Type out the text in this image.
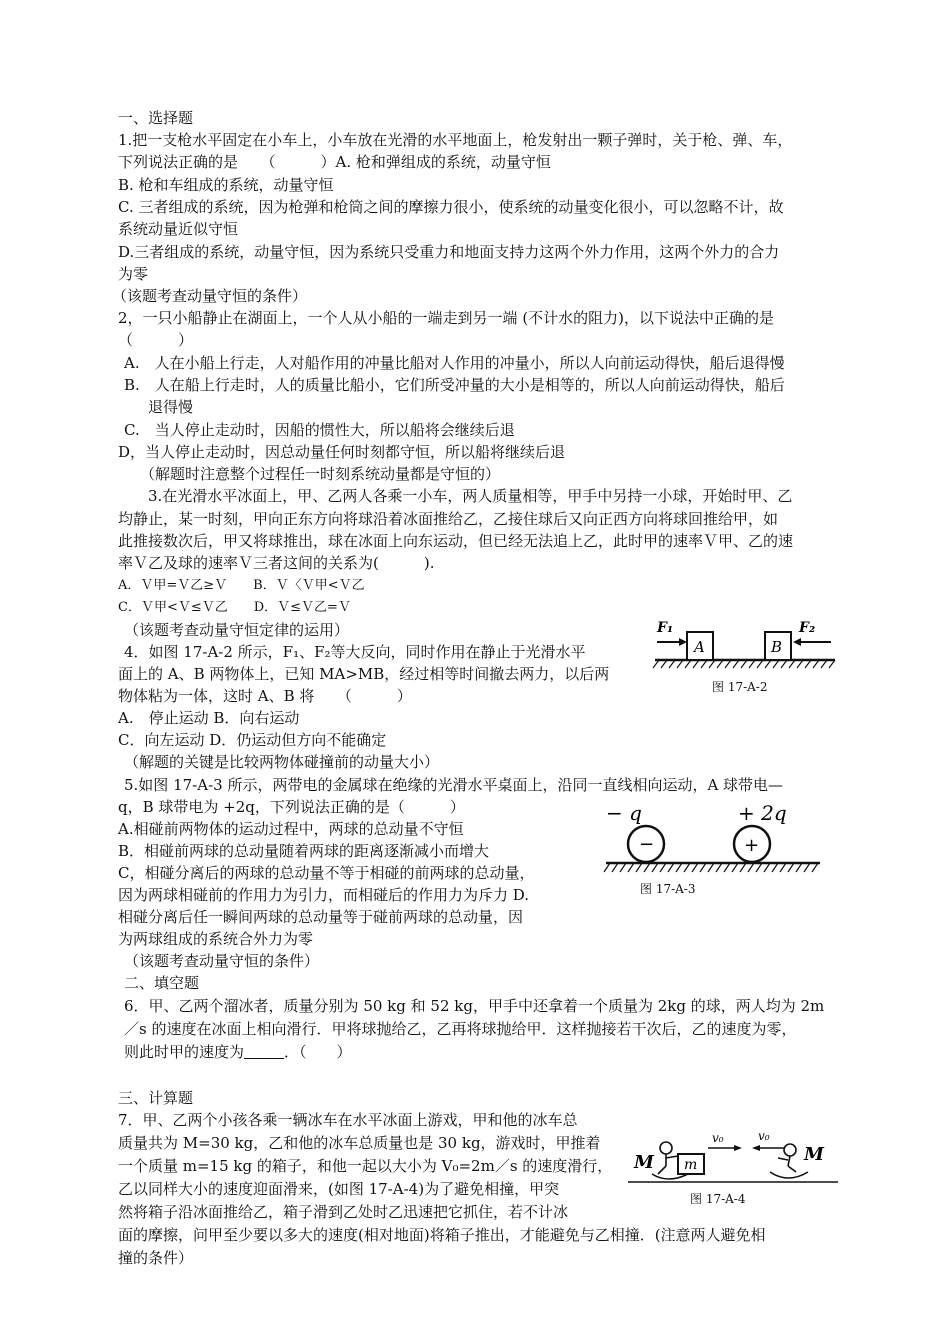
一、选择题
1.把一支枪水平固定在小车上，小车放在光滑的水平地面上，枪发射出一颗子弹时，关于枪、弹、车，
下列说法正确的是　　（　　　）A. 枪和弹组成的系统，动量守恒
B. 枪和车组成的系统，动量守恒
C. 三者组成的系统，因为枪弹和枪筒之间的摩擦力很小，使系统的动量变化很小，可以忽略不计，故
系统动量近似守恒
D.三者组成的系统，动量守恒，因为系统只受重力和地面支持力这两个外力作用，这两个外力的合力
为零
（该题考查动量守恒的条件）
2，一只小船静止在湖面上，一个人从小船的一端走到另一端 (不计水的阻力)，以下说法中正确的是
（　　　）
A.　人在小船上行走，人对船作用的冲量比船对人作用的冲量小，所以人向前运动得快，船后退得慢
B.　人在船上行走时，人的质量比船小，它们所受冲量的大小是相等的，所以人向前运动得快，船后
退得慢
C.　当人停止走动时，因船的惯性大，所以船将会继续后退
D，当人停止走动时，因总动量任何时刻都守恒，所以船将继续后退
（解题时注意整个过程任一时刻系统动量都是守恒的）
3.在光滑水平冰面上，甲、乙两人各乘一小车，两人质量相等，甲手中另持一小球，开始时甲、乙
均静止，某一时刻，甲向正东方向将球沿着冰面推给乙，乙接住球后又向正西方向将球回推给甲，如
此推接数次后，甲又将球推出，球在冰面上向东运动，但已经无法追上乙，此时甲的速率Ｖ甲、乙的速
率Ｖ乙及球的速率Ｖ三者这间的关系为(　　　).
A．Ｖ甲=Ｖ乙≥Ｖ　　B．Ｖ〈Ｖ甲<Ｖ乙
C．Ｖ甲<Ｖ≤Ｖ乙　　D．Ｖ≤Ｖ乙=Ｖ
（该题考查动量守恒定律的运用）
4．如图 17-A-2 所示，F₁、F₂等大反向，同时作用在静止于光滑水平
面上的 A、B 两物体上，已知 MA>MB，经过相等时间撤去两力，以后两
物体粘为一体，这时 A、B 将　　（　　　）
A.　停止运动 B．向右运动
C．向左运动 D．仍运动但方向不能确定
（解题的关键是比较两物体碰撞前的动量大小）
A	B
F₁	F₂
图 17-A-2
5.如图 17-A-3 所示，两带电的金属球在绝缘的光滑水平桌面上，沿同一直线相向运动，A 球带电—
q，B 球带电为 +2q，下列说法正确的是（　　　）
A.相碰前两物体的运动过程中，两球的总动量不守恒
B．相碰前两球的总动量随着两球的距离逐渐减小而增大
C，相碰分离后的两球的总动量不等于相碰的前两球的总动量，
因为两球相碰前的作用力为引力，而相碰后的作用力为斥力 D.
相碰分离后任一瞬间两球的总动量等于碰前两球的总动量，因
为两球组成的系统合外力为零
（该题考查动量守恒的条件）
− q	+ 2q
−	+
图 17-A-3
二、填空题
6．甲、乙两个溜冰者，质量分别为 50 kg 和 52 kg，甲手中还拿着一个质量为 2kg 的球，两人均为 2m
／s 的速度在冰面上相向滑行．甲将球抛给乙，乙再将球抛给甲．这样抛接若干次后，乙的速度为零，
则此时甲的速度为	．（　　）
三、计算题
7．甲、乙两个小孩各乘一辆冰车在水平冰面上游戏，甲和他的冰车总
质量共为 M=30 kg，乙和他的冰车总质量也是 30 kg，游戏时，甲推着
一个质量 m=15 kg 的箱子，和他一起以大小为 V₀=2m／s 的速度滑行，
乙以同样大小的速度迎面滑来，(如图 17-A-4)为了避免相撞，甲突
然将箱子沿冰面推给乙，箱子滑到乙处时乙迅速把它抓住，若不计冰
面的摩擦，问甲至少要以多大的速度(相对地面)将箱子推出，才能避免与乙相撞．(注意两人避免相
撞的条件）
M	M
m
v₀	v₀
图 17-A-4
